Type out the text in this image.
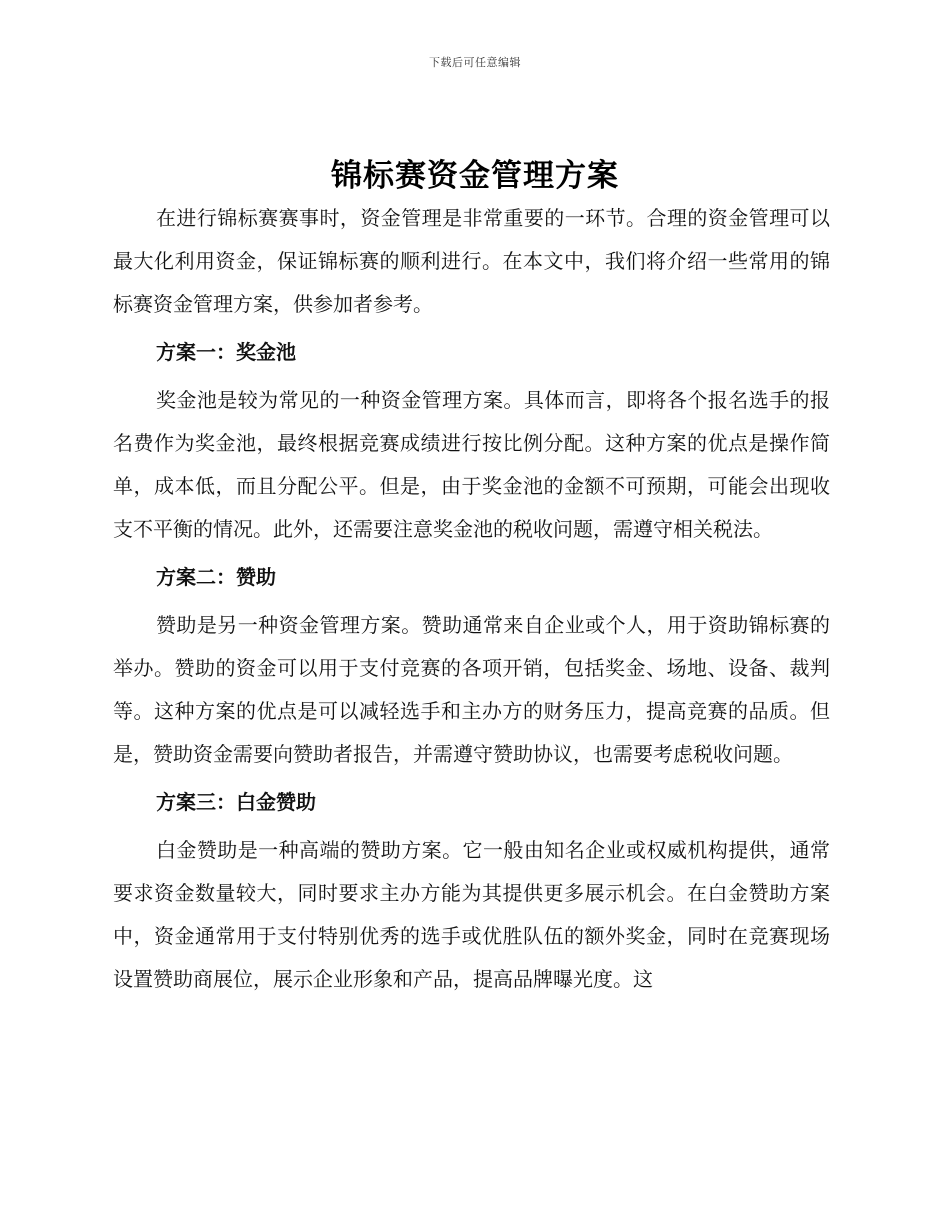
下载后可任意编辑
锦标赛资金管理方案

在进行锦标赛赛事时，资金管理是非常重要的一环节。合理的资金管理可以最大化利用资金，保证锦标赛的顺利进行。在本文中，我们将介绍一些常用的锦标赛资金管理方案，供参加者参考。

方案一：奖金池

奖金池是较为常见的一种资金管理方案。具体而言，即将各个报名选手的报名费作为奖金池，最终根据竞赛成绩进行按比例分配。这种方案的优点是操作简单，成本低，而且分配公平。但是，由于奖金池的金额不可预期，可能会出现收支不平衡的情况。此外，还需要注意奖金池的税收问题，需遵守相关税法。

方案二：赞助

赞助是另一种资金管理方案。赞助通常来自企业或个人，用于资助锦标赛的举办。赞助的资金可以用于支付竞赛的各项开销，包括奖金、场地、设备、裁判等。这种方案的优点是可以减轻选手和主办方的财务压力，提高竞赛的品质。但是，赞助资金需要向赞助者报告，并需遵守赞助协议，也需要考虑税收问题。

方案三：白金赞助

白金赞助是一种高端的赞助方案。它一般由知名企业或权威机构提供，通常要求资金数量较大，同时要求主办方能为其提供更多展示机会。在白金赞助方案中，资金通常用于支付特别优秀的选手或优胜队伍的额外奖金，同时在竞赛现场设置赞助商展位，展示企业形象和产品，提高品牌曝光度。这
